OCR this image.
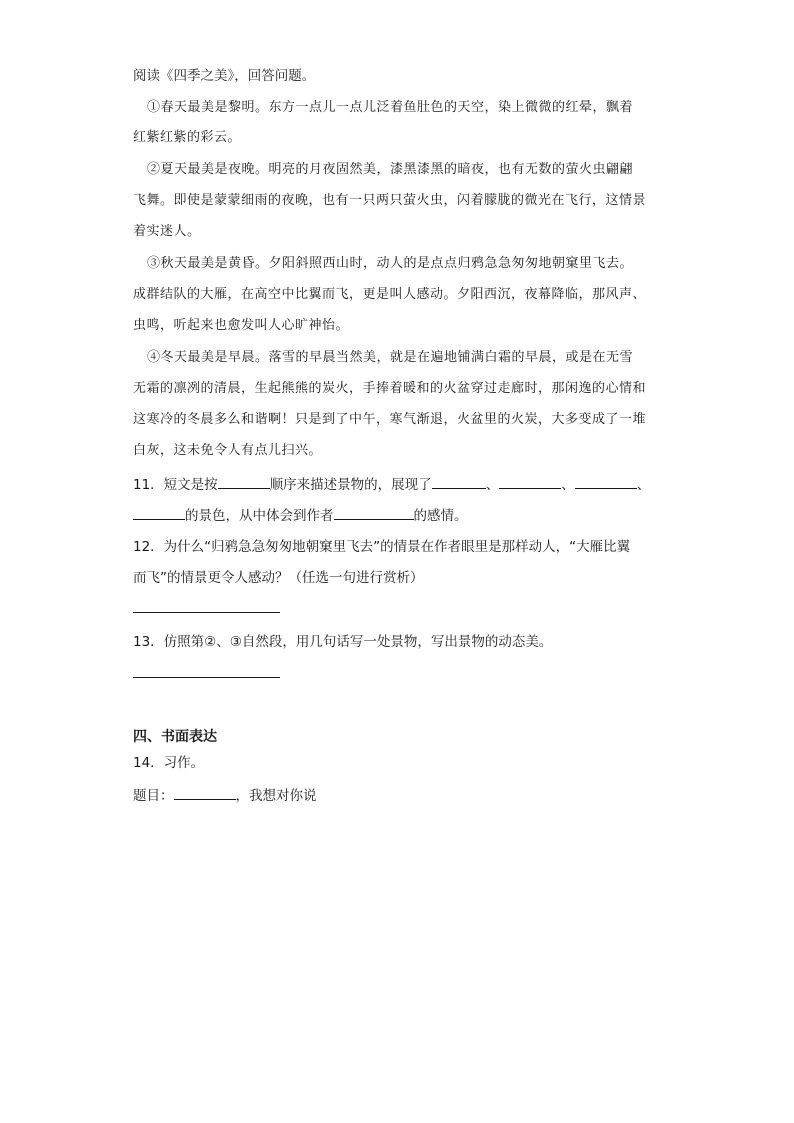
阅读《四季之美》，回答问题。
①春天最美是黎明。东方一点儿一点儿泛着鱼肚色的天空，染上微微的红晕，飘着
红紫红紫的彩云。
②夏天最美是夜晚。明亮的月夜固然美，漆黑漆黑的暗夜，也有无数的萤火虫翩翩
飞舞。即使是蒙蒙细雨的夜晚，也有一只两只萤火虫，闪着朦胧的微光在飞行，这情景
着实迷人。
③秋天最美是黄昏。夕阳斜照西山时，动人的是点点归鸦急急匆匆地朝窠里飞去。
成群结队的大雁，在高空中比翼而飞，更是叫人感动。夕阳西沉，夜幕降临，那风声、
虫鸣，听起来也愈发叫人心旷神怡。
④冬天最美是早晨。落雪的早晨当然美，就是在遍地铺满白霜的早晨，或是在无雪
无霜的凛冽的清晨，生起熊熊的炭火，手捧着暖和的火盆穿过走廊时，那闲逸的心情和
这寒冷的冬晨多么和谐啊！只是到了中午，寒气渐退，火盆里的火炭，大多变成了一堆
白灰，这未免令人有点儿扫兴。
11．短文是按	顺序来描述景物的，展现了	、	、	、
的景色，从中体会到作者	的感情。
12．为什么“归鸦急急匆匆地朝窠里飞去”的情景在作者眼里是那样动人，“大雁比翼
而飞”的情景更令人感动？（任选一句进行赏析）
13．仿照第②、③自然段，用几句话写一处景物，写出景物的动态美。
四、书面表达
14．习作。
题目：	，我想对你说
